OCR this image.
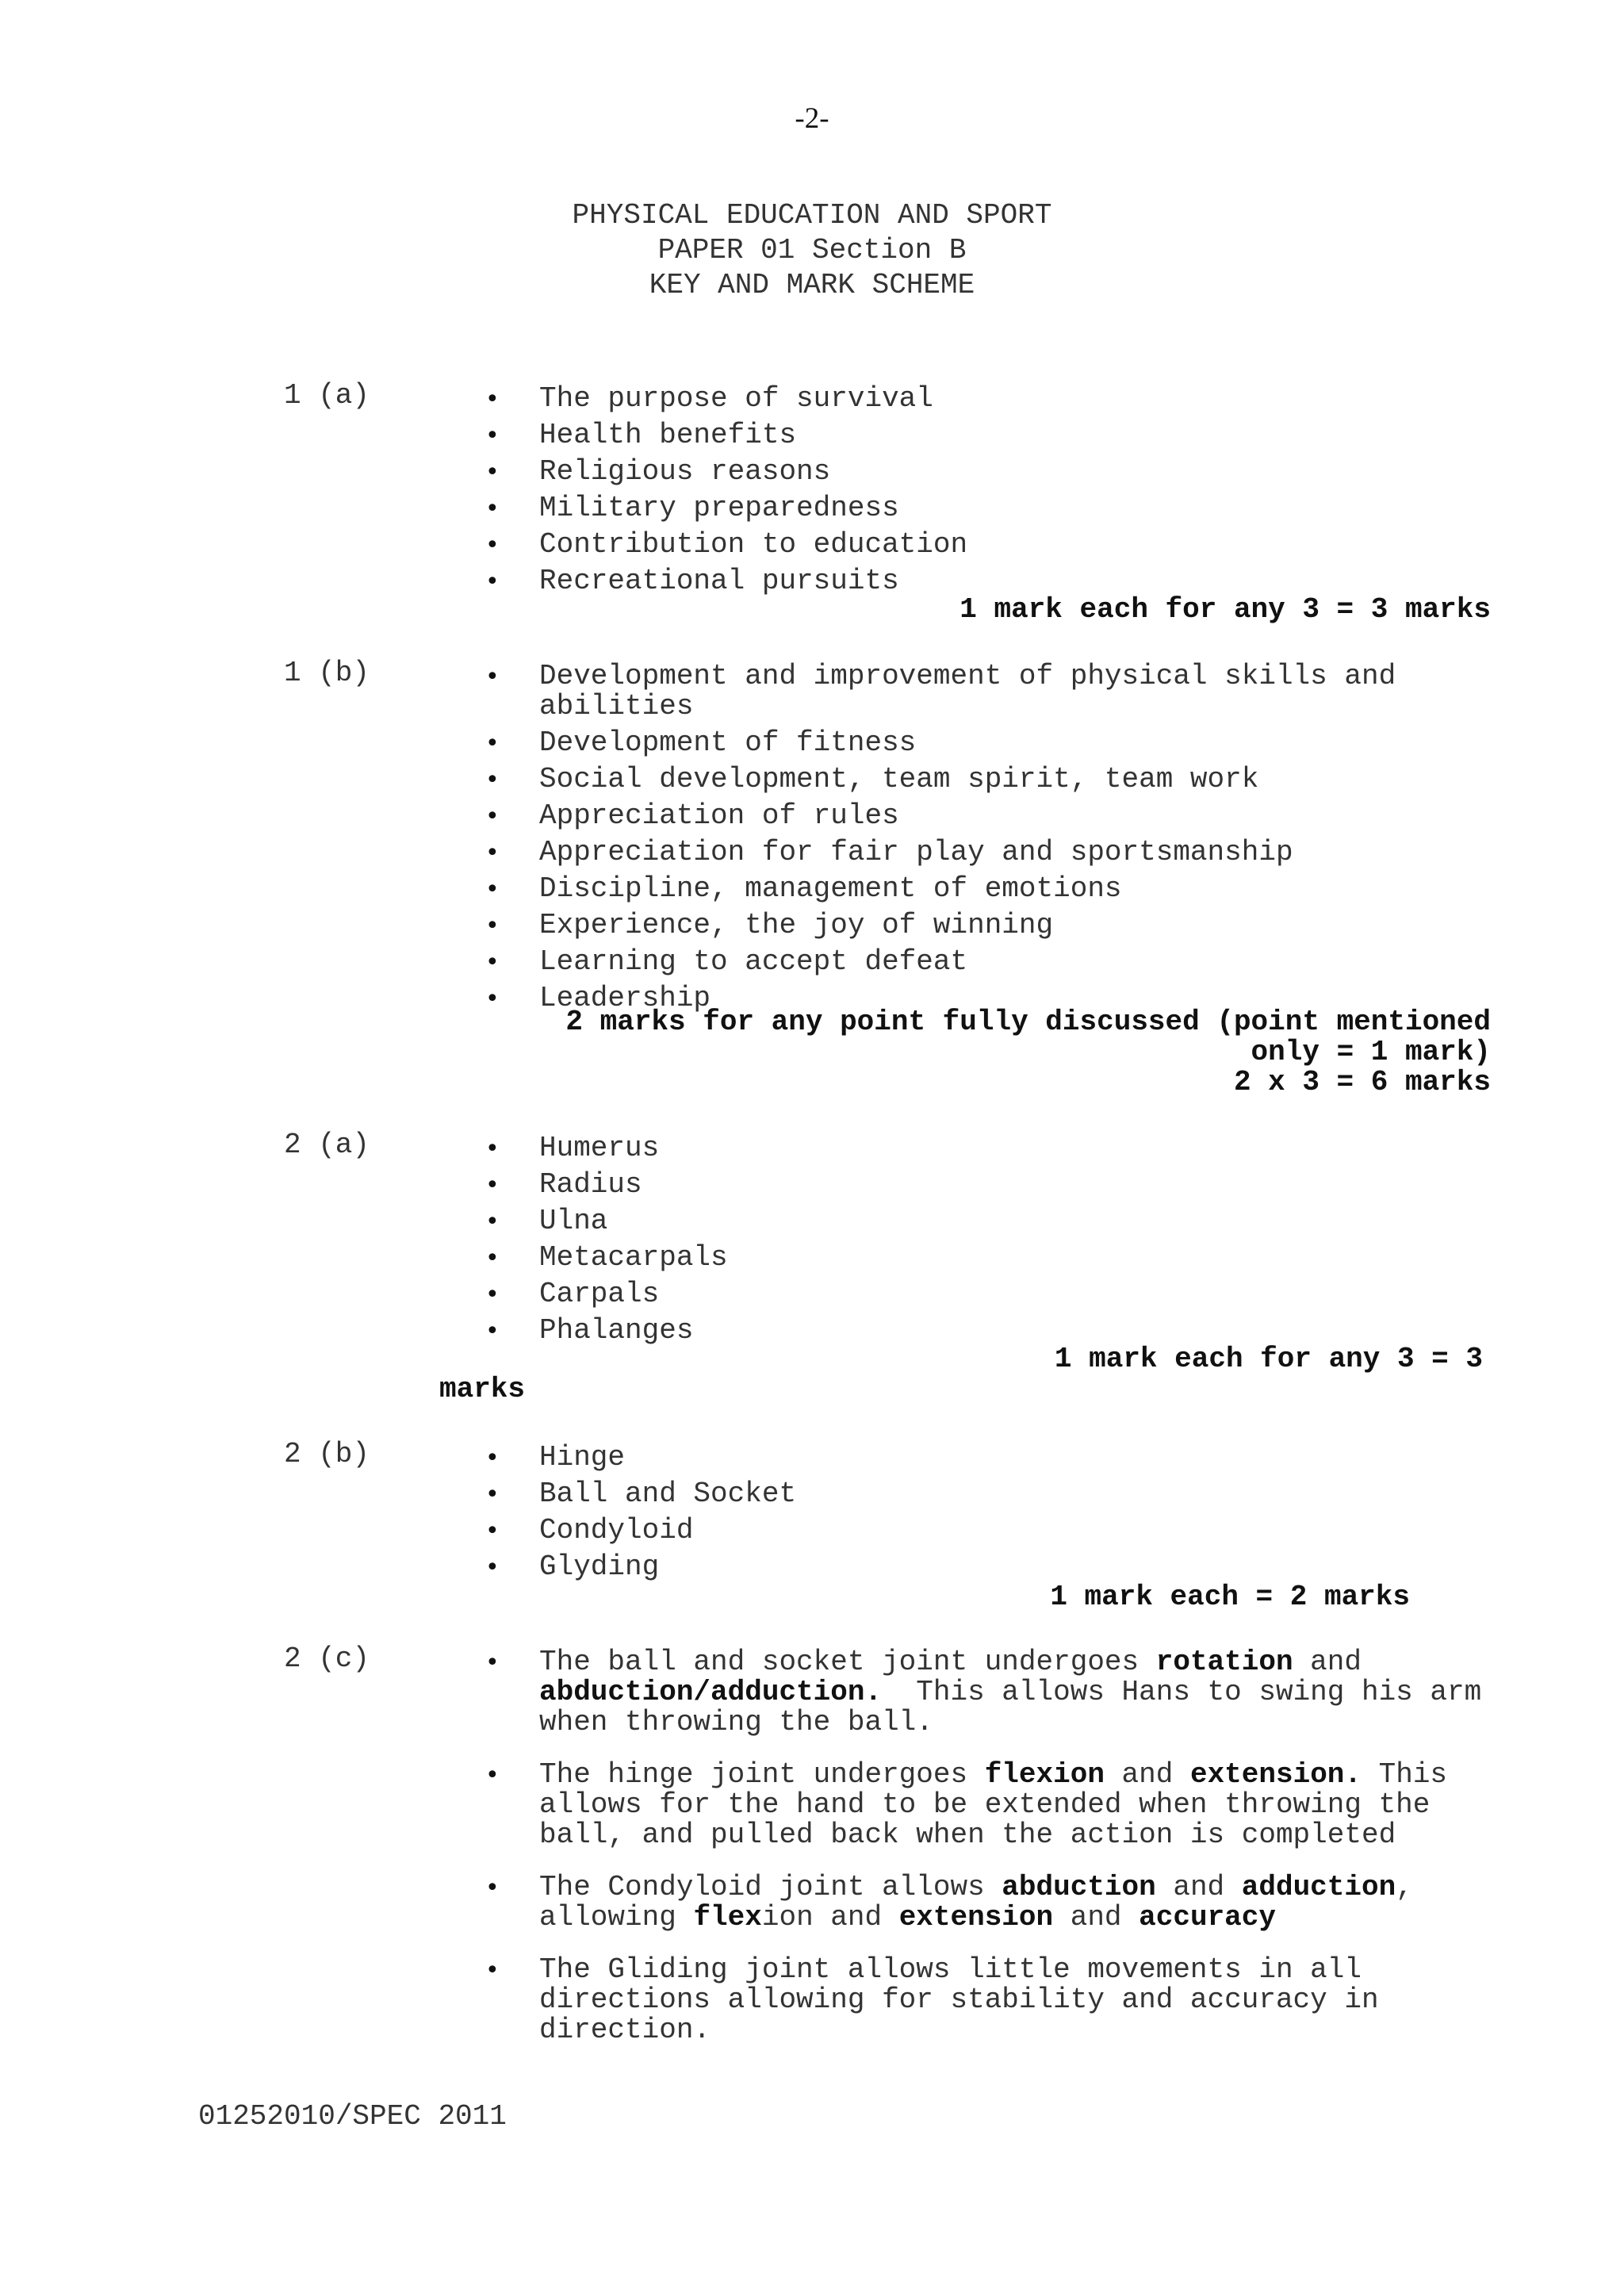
-2-
PHYSICAL EDUCATION AND SPORT
PAPER 01 Section B
KEY AND MARK SCHEME
1 (a)	• The purpose of survival
• Health benefits
• Religious reasons
• Military preparedness
• Contribution to education
• Recreational pursuits
1 mark each for any 3 = 3 marks
1 (b)	• Development and improvement of physical skills and abilities
• Development of fitness
• Social development, team spirit, team work
• Appreciation of rules
• Appreciation for fair play and sportsmanship
• Discipline, management of emotions
• Experience, the joy of winning
• Learning to accept defeat
• Leadership
2 marks for any point fully discussed (point mentioned
only = 1 mark)
2 x 3 = 6 marks
2 (a)	• Humerus
• Radius
• Ulna
• Metacarpals
• Carpals
• Phalanges
1 mark each for any 3 = 3
marks
2 (b)	• Hinge
• Ball and Socket
• Condyloid
• Glyding
1 mark each = 2 marks
2 (c)	• The ball and socket joint undergoes rotation and abduction/adduction.  This allows Hans to swing his arm when throwing the ball.
• The hinge joint undergoes flexion and extension. This allows for the hand to be extended when throwing the ball, and pulled back when the action is completed
• The Condyloid joint allows abduction and adduction, allowing flexion and extension and accuracy
• The Gliding joint allows little movements in all directions allowing for stability and accuracy in direction.
01252010/SPEC 2011
